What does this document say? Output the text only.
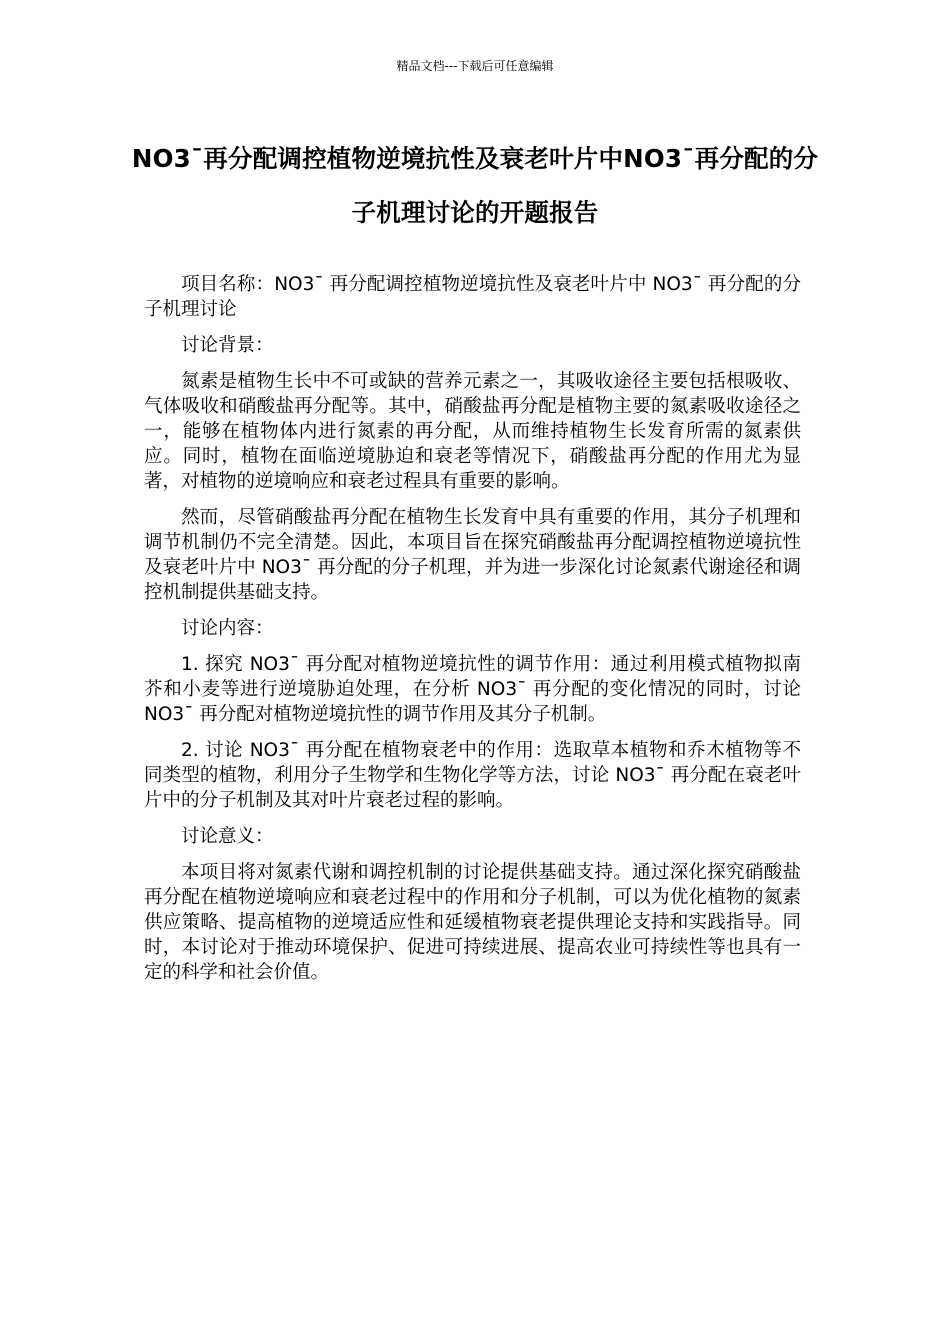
精品文档---下载后可任意编辑
NO3ˉ再分配调控植物逆境抗性及衰老叶片中NO3ˉ再分配的分子机理讨论的开题报告

项目名称：NO3ˉ 再分配调控植物逆境抗性及衰老叶片中 NO3ˉ 再分配的分子机理讨论

讨论背景：

氮素是植物生长中不可或缺的营养元素之一，其吸收途径主要包括根吸收、气体吸收和硝酸盐再分配等。其中，硝酸盐再分配是植物主要的氮素吸收途径之一，能够在植物体内进行氮素的再分配，从而维持植物生长发育所需的氮素供应。同时，植物在面临逆境胁迫和衰老等情况下，硝酸盐再分配的作用尤为显著，对植物的逆境响应和衰老过程具有重要的影响。

然而，尽管硝酸盐再分配在植物生长发育中具有重要的作用，其分子机理和调节机制仍不完全清楚。因此，本项目旨在探究硝酸盐再分配调控植物逆境抗性及衰老叶片中 NO3ˉ 再分配的分子机理，并为进一步深化讨论氮素代谢途径和调控机制提供基础支持。

讨论内容：

1. 探究 NO3ˉ 再分配对植物逆境抗性的调节作用：通过利用模式植物拟南芥和小麦等进行逆境胁迫处理，在分析 NO3ˉ 再分配的变化情况的同时，讨论 NO3ˉ 再分配对植物逆境抗性的调节作用及其分子机制。

2. 讨论 NO3ˉ 再分配在植物衰老中的作用：选取草本植物和乔木植物等不同类型的植物，利用分子生物学和生物化学等方法，讨论 NO3ˉ 再分配在衰老叶片中的分子机制及其对叶片衰老过程的影响。

讨论意义：

本项目将对氮素代谢和调控机制的讨论提供基础支持。通过深化探究硝酸盐再分配在植物逆境响应和衰老过程中的作用和分子机制，可以为优化植物的氮素供应策略、提高植物的逆境适应性和延缓植物衰老提供理论支持和实践指导。同时，本讨论对于推动环境保护、促进可持续进展、提高农业可持续性等也具有一定的科学和社会价值。
